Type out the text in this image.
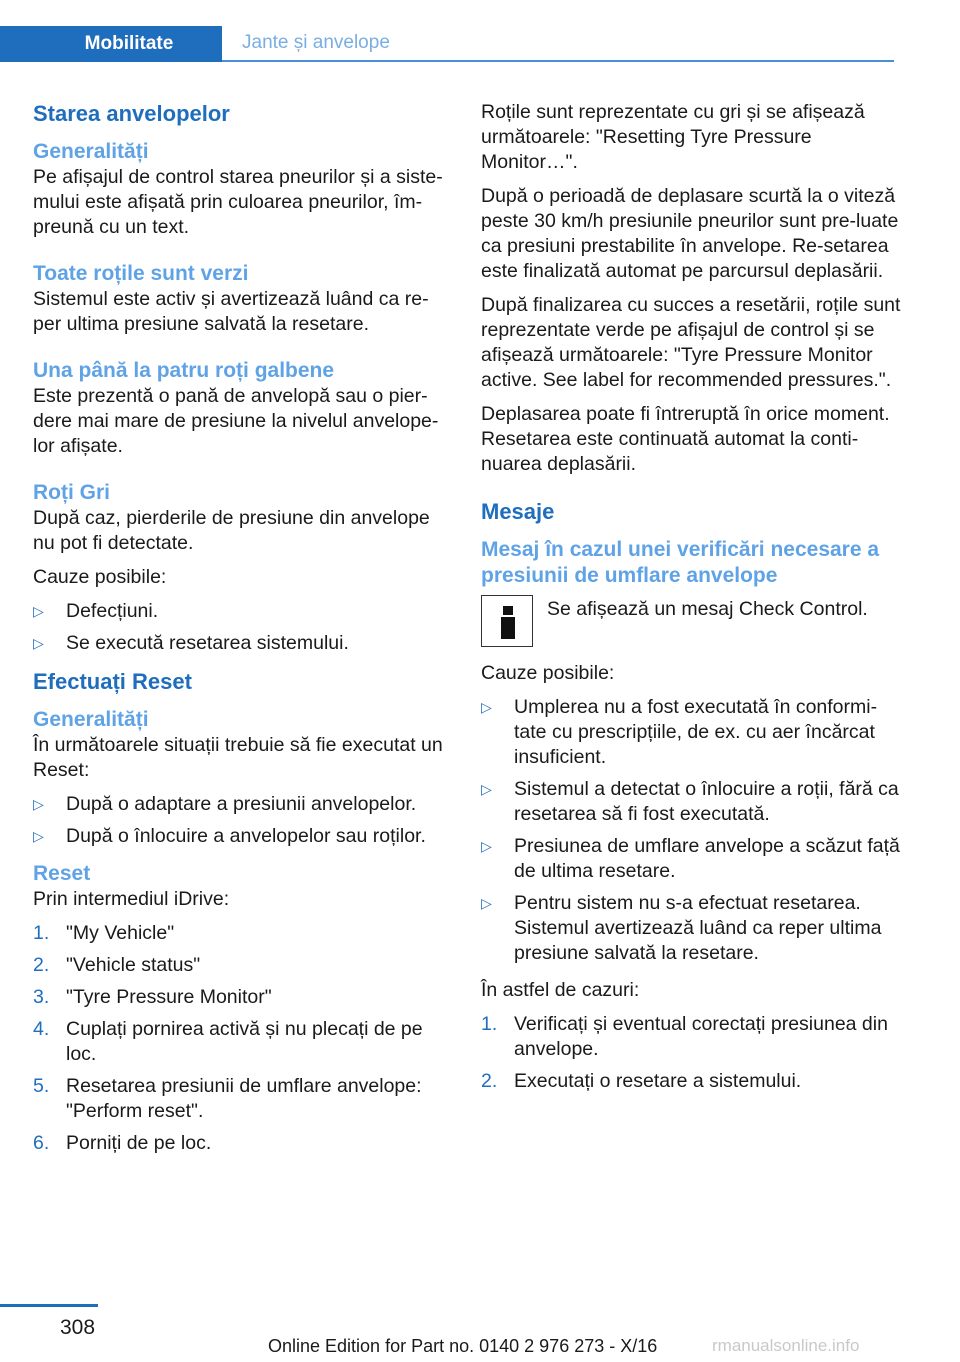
Mobilitate	Jante și anvelope
Starea anvelopelor
Generalități

Pe afișajul de control starea pneurilor și a siste-mului este afișată prin culoarea pneurilor, îm-preună cu un text.

Toate roțile sunt verzi

Sistemul este activ și avertizează luând ca re-per ultima presiune salvată la resetare.

Una până la patru roți galbene

Este prezentă o pană de anvelopă sau o pier-dere mai mare de presiune la nivelul anvelope-lor afișate.

Roți Gri

După caz, pierderile de presiune din anvelope nu pot fi detectate.

Cauze posibile:

▷ Defecțiuni.
▷ Se execută resetarea sistemului.
Efectuați Reset
Generalități

În următoarele situații trebuie să fie executat un Reset:

▷ După o adaptare a presiunii anvelopelor.
▷ După o înlocuire a anvelopelor sau roților.
Reset

Prin intermediul iDrive:

1. "My Vehicle"
2. "Vehicle status"
3. "Tyre Pressure Monitor"
4. Cuplați pornirea activă și nu plecați de pe loc.
5. Resetarea presiunii de umflare anvelope: "Perform reset".
6. Porniți de pe loc.

Roțile sunt reprezentate cu gri și se afișează următoarele: "Resetting Tyre Pressure Monitor…".

După o perioadă de deplasare scurtă la o viteză peste 30 km/h presiunile pneurilor sunt pre-luate ca presiuni prestabilite în anvelope. Re-setarea este finalizată automat pe parcursul deplasării.

După finalizarea cu succes a resetării, roțile sunt reprezentate verde pe afișajul de control și se afișează următoarele: "Tyre Pressure Monitor active. See label for recommended pressures.".

Deplasarea poate fi întreruptă în orice moment. Resetarea este continuată automat la conti-nuarea deplasării.

Mesaje
Mesaj în cazul unei verificări necesare a presiunii de umflare anvelope
Se afișează un mesaj Check Control.

Cauze posibile:

▷ Umplerea nu a fost executată în conformi-tate cu prescripțiile, de ex. cu aer încărcat insuficient.
▷ Sistemul a detectat o înlocuire a roții, fără ca resetarea să fi fost executată.
▷ Presiunea de umflare anvelope a scăzut față de ultima resetare.
▷ Pentru sistem nu s-a efectuat resetarea. Sistemul avertizează luând ca reper ultima presiune salvată la resetare.

În astfel de cazuri:

1. Verificați și eventual corectați presiunea din anvelope.
2. Executați o resetare a sistemului.
308
Online Edition for Part no. 0140 2 976 273 - X/16	rmanualsonline.info
